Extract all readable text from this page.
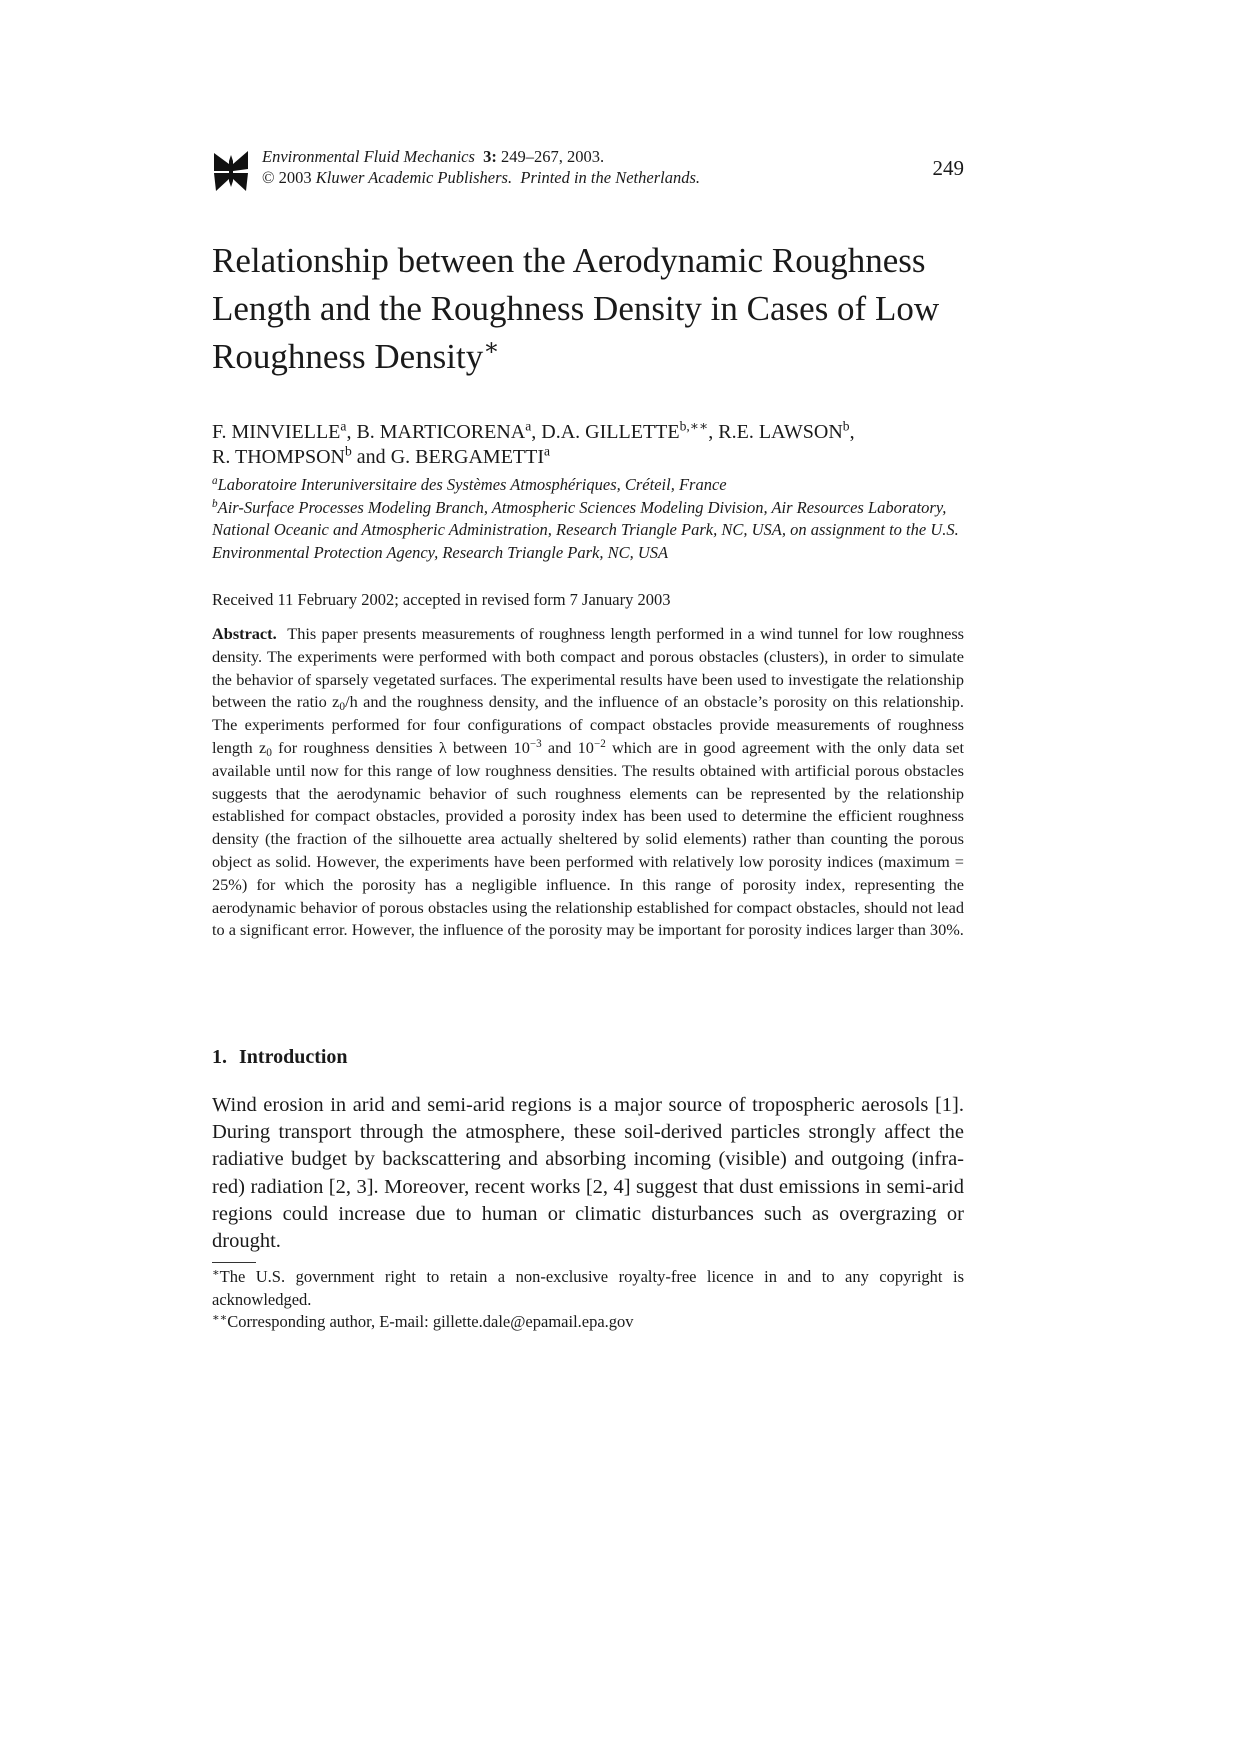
Environmental Fluid Mechanics 3: 249–267, 2003.
© 2003 Kluwer Academic Publishers. Printed in the Netherlands.	249
Relationship between the Aerodynamic Roughness Length and the Roughness Density in Cases of Low Roughness Density∗
F. MINVIELLE$^a$, B. MARTICORENA$^a$, D.A. $GILLETTE^{b,∗∗}$, R.E. LAWSON$^b$,
R. THOMPSON$^b$ and G. BERGAMETTI$^a$
$^a$Laboratoire Interuniversitaire des Systèmes Atmosphériques, Créteil, France
$^b$Air-Surface Processes Modeling Branch, Atmospheric Sciences Modeling Division, Air Resources Laboratory, National Oceanic and Atmospheric Administration, Research Triangle Park, NC, USA, on assignment to the U.S. Environmental Protection Agency, Research Triangle Park, NC, USA
Received 11 February 2002; accepted in revised form 7 January 2003

Abstract. This paper presents measurements of roughness length performed in a wind tunnel for low roughness density. The experiments were performed with both compact and porous obstacles (clusters), in order to simulate the behavior of sparsely vegetated surfaces. The experimental results have been used to investigate the relationship between the ratio $z_0/h$ and the roughness density, and the influence of an obstacle’s porosity on this relationship. The experiments performed for four configurations of compact obstacles provide measurements of roughness length $z_0$ for roughness densities λ between $10^{-3}$ and $10^{-2}$ which are in good agreement with the only data set available until now for this range of low roughness densities. The results obtained with artificial porous obstacles suggests that the aerodynamic behavior of such roughness elements can be represented by the relationship established for compact obstacles, provided a porosity index has been used to determine the efficient roughness density (the fraction of the silhouette area actually sheltered by solid elements) rather than counting the porous object as solid. However, the experiments have been performed with relatively low porosity indices (maximum = 25%) for which the porosity has a negligible influence. In this range of porosity index, representing the aerodynamic behavior of porous obstacles using the relationship established for compact obstacles, should not lead to a significant error. However, the influence of the porosity may be important for porosity indices larger than 30%.

1. Introduction

Wind erosion in arid and semi-arid regions is a major source of tropospheric aerosols [1]. During transport through the atmosphere, these soil-derived particles strongly affect the radiative budget by backscattering and absorbing incoming (visible) and outgoing (infra-red) radiation [2, 3]. Moreover, recent works [2, 4] suggest that dust emissions in semi-arid regions could increase due to human or climatic disturbances such as overgrazing or drought.

∗The U.S. government right to retain a non-exclusive royalty-free licence in and to any copyright is acknowledged.
∗∗Corresponding author, E-mail: gillette.dale@epamail.epa.gov
